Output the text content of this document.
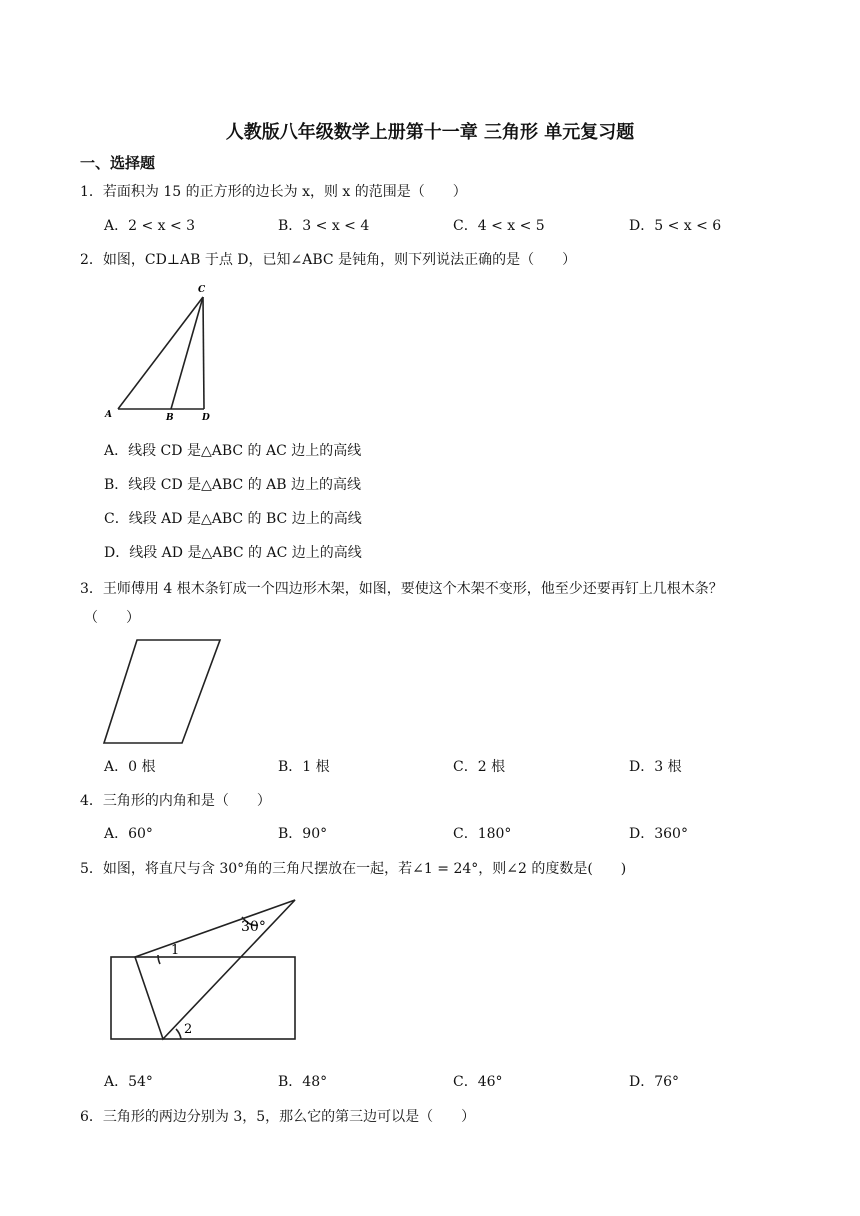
人教版八年级数学上册第十一章 三角形 单元复习题
一、选择题
1．若面积为 15 的正方形的边长为 x，则 x 的范围是（　　）
A．2 < x < 3	B．3 < x < 4	C．4 < x < 5	D．5 < x < 6
2．如图，CD⊥AB 于点 D，已知∠ABC 是钝角，则下列说法正确的是（　　）
C
A	B	D
A．线段 CD 是△ABC 的 AC 边上的高线
B．线段 CD 是△ABC 的 AB 边上的高线
C．线段 AD 是△ABC 的 BC 边上的高线
D．线段 AD 是△ABC 的 AC 边上的高线
3．王师傅用 4 根木条钉成一个四边形木架，如图，要使这个木架不变形，他至少还要再钉上几根木条？
（　　）
A．0 根	B．1 根	C．2 根	D．3 根
4．三角形的内角和是（　　）
A．60°	B．90°	C．180°	D．360°
5．如图，将直尺与含 30°角的三角尺摆放在一起，若∠1 = 24°，则∠2 的度数是(　　)
30°
1
2
A．54°	B．48°	C．46°	D．76°
6．三角形的两边分别为 3，5，那么它的第三边可以是（　　）
